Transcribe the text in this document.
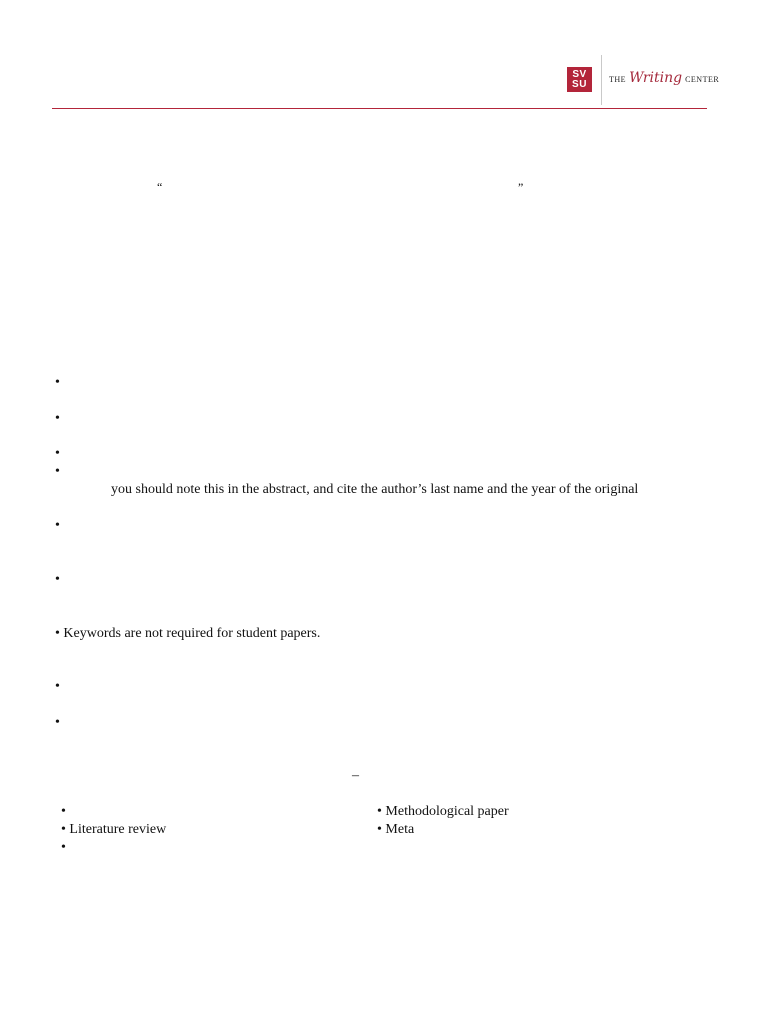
SV
SU	THE Writing CENTER
“	”
•
•
•
•
you should note this in the abstract, and cite the author’s last name and the year of the original
•
•
• Keywords are not required for student papers.
•
•
–
•	• Methodological paper
• Literature review	• Meta
•
